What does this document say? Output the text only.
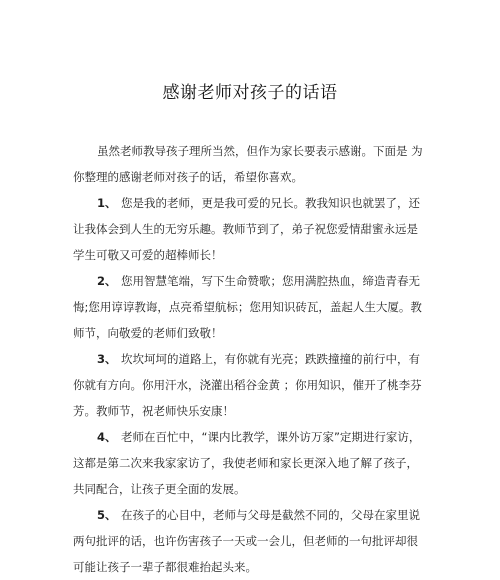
感谢老师对孩子的话语
虽然老师教导孩子理所当然，但作为家长要表示感谢。下面是 为
你整理的感谢老师对孩子的话，希望你喜欢。
1、 您是我的老师，更是我可爱的兄长。教我知识也就罢了，还
让我体会到人生的无穷乐趣。教师节到了，弟子祝您爱情甜蜜永远是
学生可敬又可爱的超棒师长！
2、 您用智慧笔端，写下生命赞歌；您用满腔热血，缔造青春无
悔;您用谆谆教诲，点亮希望航标；您用知识砖瓦，盖起人生大厦。教
师节，向敬爱的老师们致敬！
3、 坎坎坷坷的道路上，有你就有光亮；跌跌撞撞的前行中，有
你就有方向。你用汗水，浇灌出稻谷金黄 ；你用知识，催开了桃李芬
芳。教师节，祝老师快乐安康！
4、 老师在百忙中，“课内比教学，课外访万家”定期进行家访，
这都是第二次来我家家访了，我使老师和家长更深入地了解了孩子，
共同配合，让孩子更全面的发展。
5、 在孩子的心目中，老师与父母是截然不同的，父母在家里说
两句批评的话，也许伤害孩子一天或一会儿，但老师的一句批评却很
可能让孩子一辈子都很难抬起头来。
